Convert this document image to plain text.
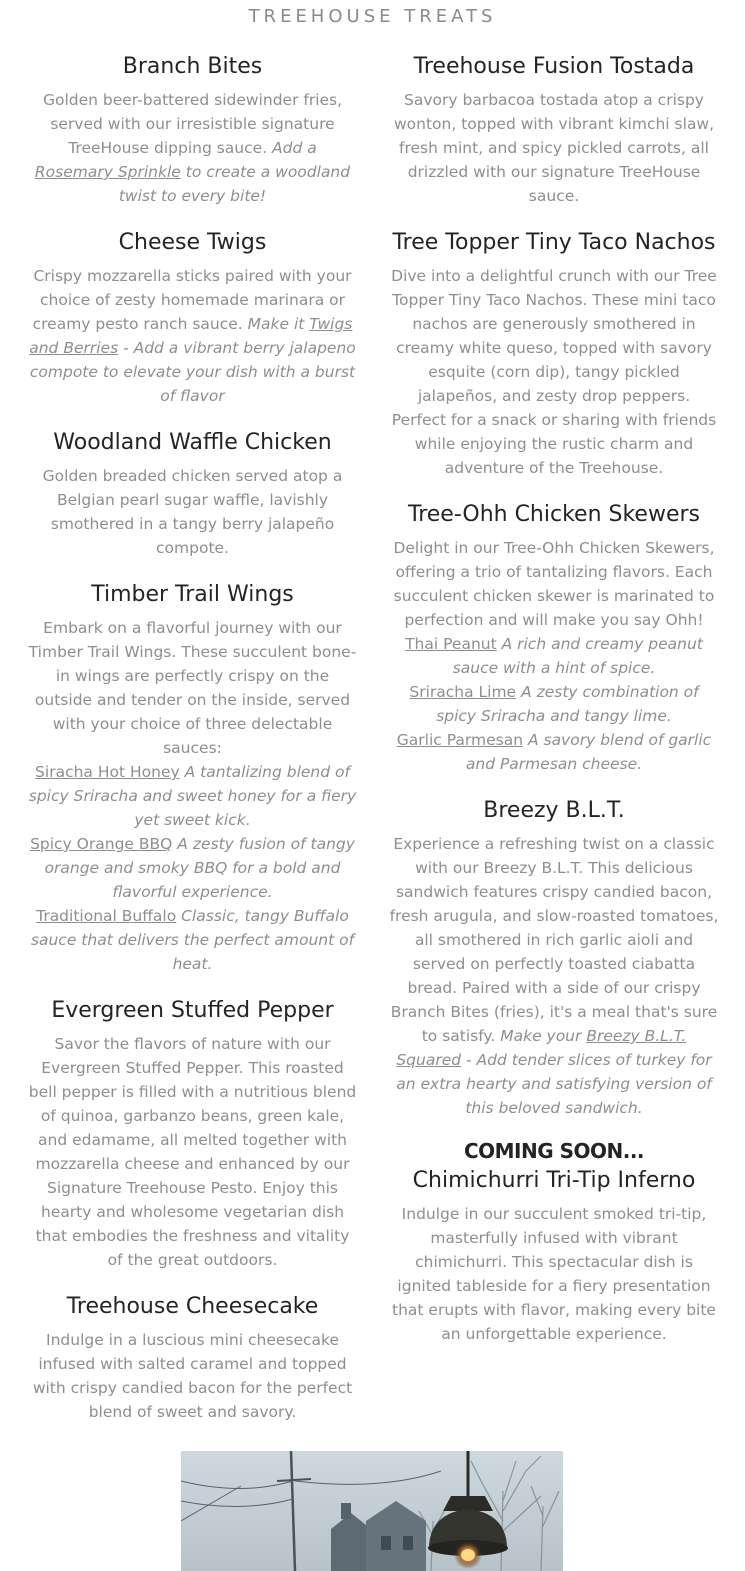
TREEHOUSE TREATS
Branch Bites

Golden beer-battered sidewinder fries, served with our irresistible signature TreeHouse dipping sauce. Add a Rosemary Sprinkle to create a woodland twist to every bite!

Cheese Twigs

Crispy mozzarella sticks paired with your choice of zesty homemade marinara or creamy pesto ranch sauce. Make it Twigs and Berries - Add a vibrant berry jalapeno compote to elevate your dish with a burst of flavor

Woodland Waffle Chicken

Golden breaded chicken served atop a Belgian pearl sugar waffle, lavishly smothered in a tangy berry jalapeño compote.

Timber Trail Wings

Embark on a flavorful journey with our Timber Trail Wings. These succulent bone-in wings are perfectly crispy on the outside and tender on the inside, served with your choice of three delectable sauces:

Siracha Hot Honey A tantalizing blend of spicy Sriracha and sweet honey for a fiery yet sweet kick.

Spicy Orange BBQ A zesty fusion of tangy orange and smoky BBQ for a bold and flavorful experience.

Traditional Buffalo Classic, tangy Buffalo sauce that delivers the perfect amount of heat.

Evergreen Stuffed Pepper

Savor the flavors of nature with our Evergreen Stuffed Pepper. This roasted bell pepper is filled with a nutritious blend of quinoa, garbanzo beans, green kale, and edamame, all melted together with mozzarella cheese and enhanced by our Signature Treehouse Pesto. Enjoy this hearty and wholesome vegetarian dish that embodies the freshness and vitality of the great outdoors.

Treehouse Cheesecake

Indulge in a luscious mini cheesecake infused with salted caramel and topped with crispy candied bacon for the perfect blend of sweet and savory.

Treehouse Fusion Tostada

Savory barbacoa tostada atop a crispy wonton, topped with vibrant kimchi slaw, fresh mint, and spicy pickled carrots, all drizzled with our signature TreeHouse sauce.

Tree Topper Tiny Taco Nachos

Dive into a delightful crunch with our Tree Topper Tiny Taco Nachos. These mini taco nachos are generously smothered in creamy white queso, topped with savory esquite (corn dip), tangy pickled jalapeños, and zesty drop peppers. Perfect for a snack or sharing with friends while enjoying the rustic charm and adventure of the Treehouse.

Tree-Ohh Chicken Skewers

Delight in our Tree-Ohh Chicken Skewers, offering a trio of tantalizing flavors. Each succulent chicken skewer is marinated to perfection and will make you say Ohh!

Thai Peanut A rich and creamy peanut sauce with a hint of spice.

Sriracha Lime A zesty combination of spicy Sriracha and tangy lime.

Garlic Parmesan A savory blend of garlic and Parmesan cheese.

Breezy B.L.T.

Experience a refreshing twist on a classic with our Breezy B.L.T. This delicious sandwich features crispy candied bacon, fresh arugula, and slow-roasted tomatoes, all smothered in rich garlic aioli and served on perfectly toasted ciabatta bread. Paired with a side of our crispy Branch Bites (fries), it's a meal that's sure to satisfy. Make your Breezy B.L.T. Squared - Add tender slices of turkey for an extra hearty and satisfying version of this beloved sandwich.

COMING SOON...

Chimichurri Tri-Tip Inferno

Indulge in our succulent smoked tri-tip, masterfully infused with vibrant chimichurri. This spectacular dish is ignited tableside for a fiery presentation that erupts with flavor, making every bite an unforgettable experience.
